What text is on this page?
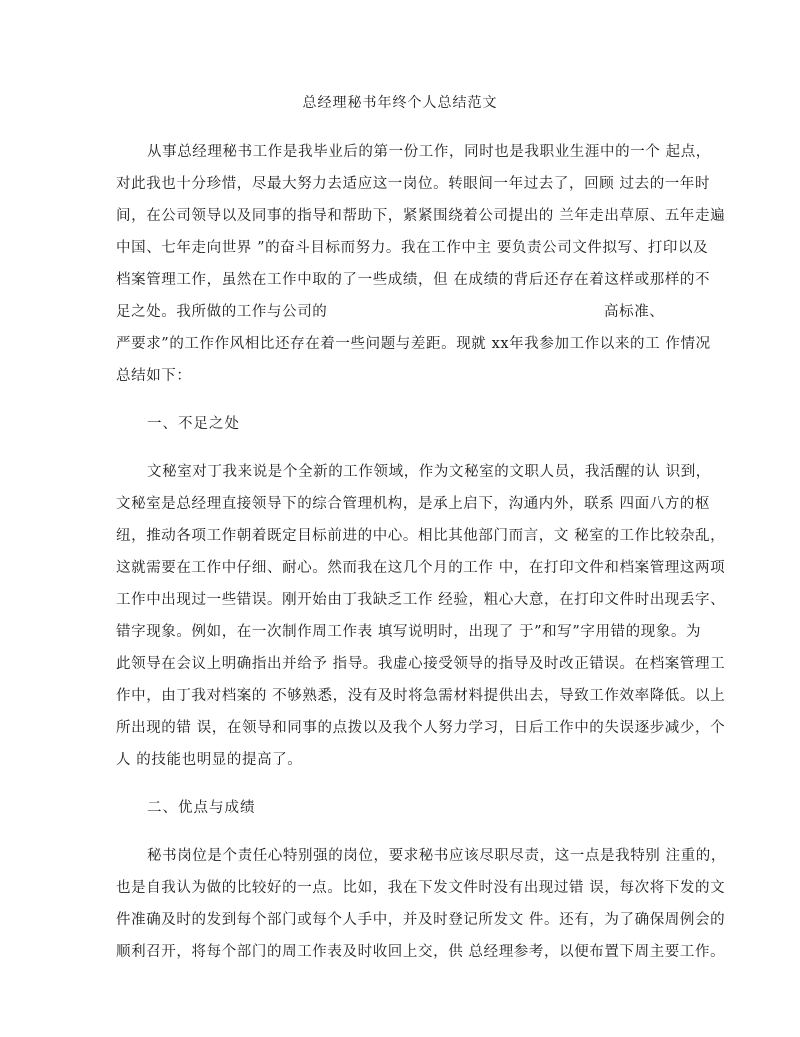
总经理秘书年终个人总结范文
从事总经理秘书工作是我毕业后的第一份工作，同时也是我职业生涯中的一个 起点，
对此我也十分珍惜，尽最大努力去适应这一岗位。转眼间一年过去了，回顾 过去的一年时
间，在公司领导以及同事的指导和帮助下，紧紧围绕着公司提出的 兰年走出草原、五年走遍
中国、七年走向世界 ”的奋斗目标而努力。我在工作中主 要负责公司文件拟写、打印以及
档案管理工作，虽然在工作中取的了一些成绩，但 在成绩的背后还存在着这样或那样的不
足之处。我所做的工作与公司的	高标准、
严要求”的工作作风相比还存在着一些问题与差距。现就 xx年我参加工作以来的工 作情况
总结如下：
一、不足之处
文秘室对丁我来说是个全新的工作领域，作为文秘室的文职人员，我活醒的认 识到，
文秘室是总经理直接领导下的综合管理机构，是承上启下，沟通内外，联系 四面八方的枢
纽，推动各项工作朝着既定目标前进的中心。相比其他部门而言，文 秘室的工作比较杂乱，
这就需要在工作中仔细、耐心。然而我在这几个月的工作 中，在打印文件和档案管理这两项
工作中出现过一些错误。刚开始由丁我缺乏工作 经验，粗心大意，在打印文件时出现丢字、
错字现象。例如，在一次制作周工作表 填写说明时，出现了 于”和写”字用错的现象。为
此领导在会议上明确指出并给予 指导。我虚心接受领导的指导及时改正错误。在档案管理工
作中，由丁我对档案的 不够熟悉，没有及时将急需材料提供出去，导致工作效率降低。以上
所出现的错 误，在领导和同事的点拨以及我个人努力学习，日后工作中的失误逐步减少，个
人 的技能也明显的提高了。
二、优点与成绩
秘书岗位是个责任心特别强的岗位，要求秘书应该尽职尽责，这一点是我特别 注重的，
也是自我认为做的比较好的一点。比如，我在下发文件时没有出现过错 误，每次将下发的文
件准确及时的发到每个部门或每个人手中，并及时登记所发文 件。还有，为了确保周例会的
顺利召开，将每个部门的周工作表及时收回上交，供 总经理参考，以便布置下周主要工作。
